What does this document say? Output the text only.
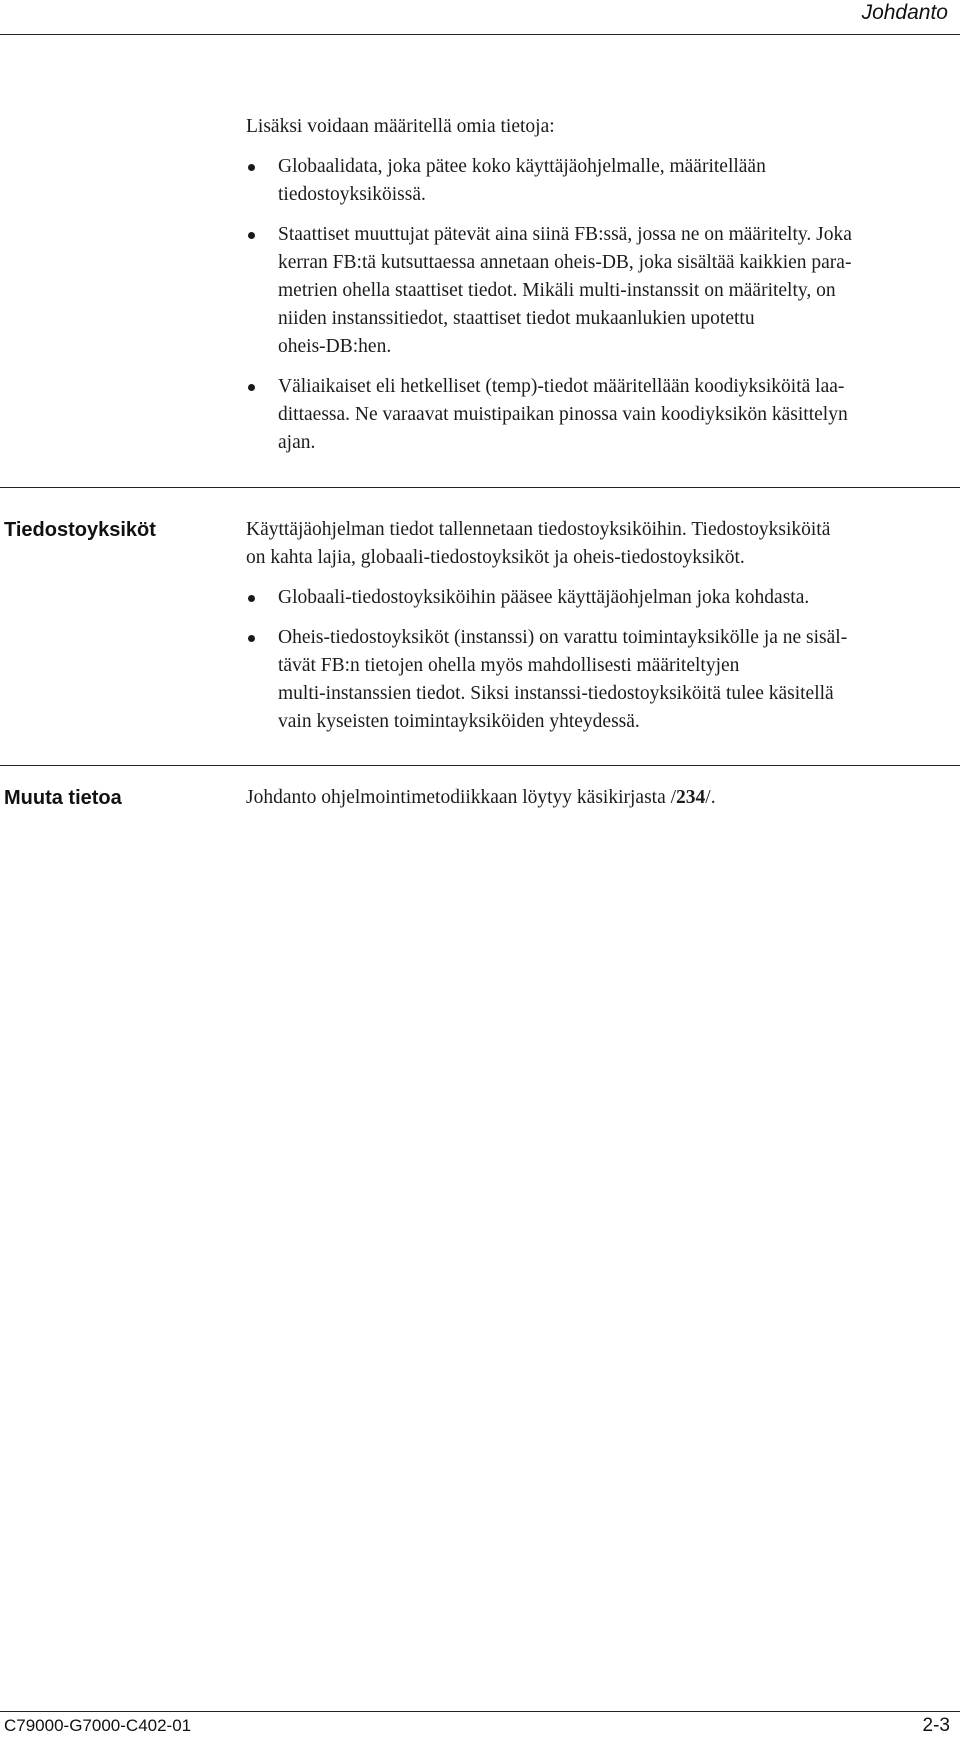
Johdanto

Lisäksi voidaan määritellä omia tietoja:

Globaalidata, joka pätee koko käyttäjäohjelmalle, määritellään
tiedostoyksiköissä.
Staattiset muuttujat pätevät aina siinä FB:ssä, jossa ne on määritelty. Joka
kerran FB:tä kutsuttaessa annetaan oheis-DB, joka sisältää kaikkien para-
metrien ohella staattiset tiedot. Mikäli multi-instanssit on määritelty, on
niiden instanssitiedot, staattiset tiedot mukaanlukien upotettu
oheis-DB:hen.
Väliaikaiset eli hetkelliset (temp)-tiedot määritellään koodiyksiköitä laa-
dittaessa. Ne varaavat muistipaikan pinossa vain koodiyksikön käsittelyn
ajan.
Tiedostoyksiköt	Käyttäjäohjelman tiedot tallennetaan tiedostoyksiköihin. Tiedostoyksiköitä
on kahta lajia, globaali-tiedostoyksiköt ja oheis-tiedostoyksiköt.

Globaali-tiedostoyksiköihin pääsee käyttäjäohjelman joka kohdasta.
Oheis-tiedostoyksiköt (instanssi) on varattu toimintayksikölle ja ne sisäl-
tävät FB:n tietojen ohella myös mahdollisesti määriteltyjen
multi-instanssien tiedot. Siksi instanssi-tiedostoyksiköitä tulee käsitellä
vain kyseisten toimintayksiköiden yhteydessä.
Muuta tietoa	Johdanto ohjelmointimetodiikkaan löytyy käsikirjasta /234/.

C79000-G7000-C402-01	2-3
